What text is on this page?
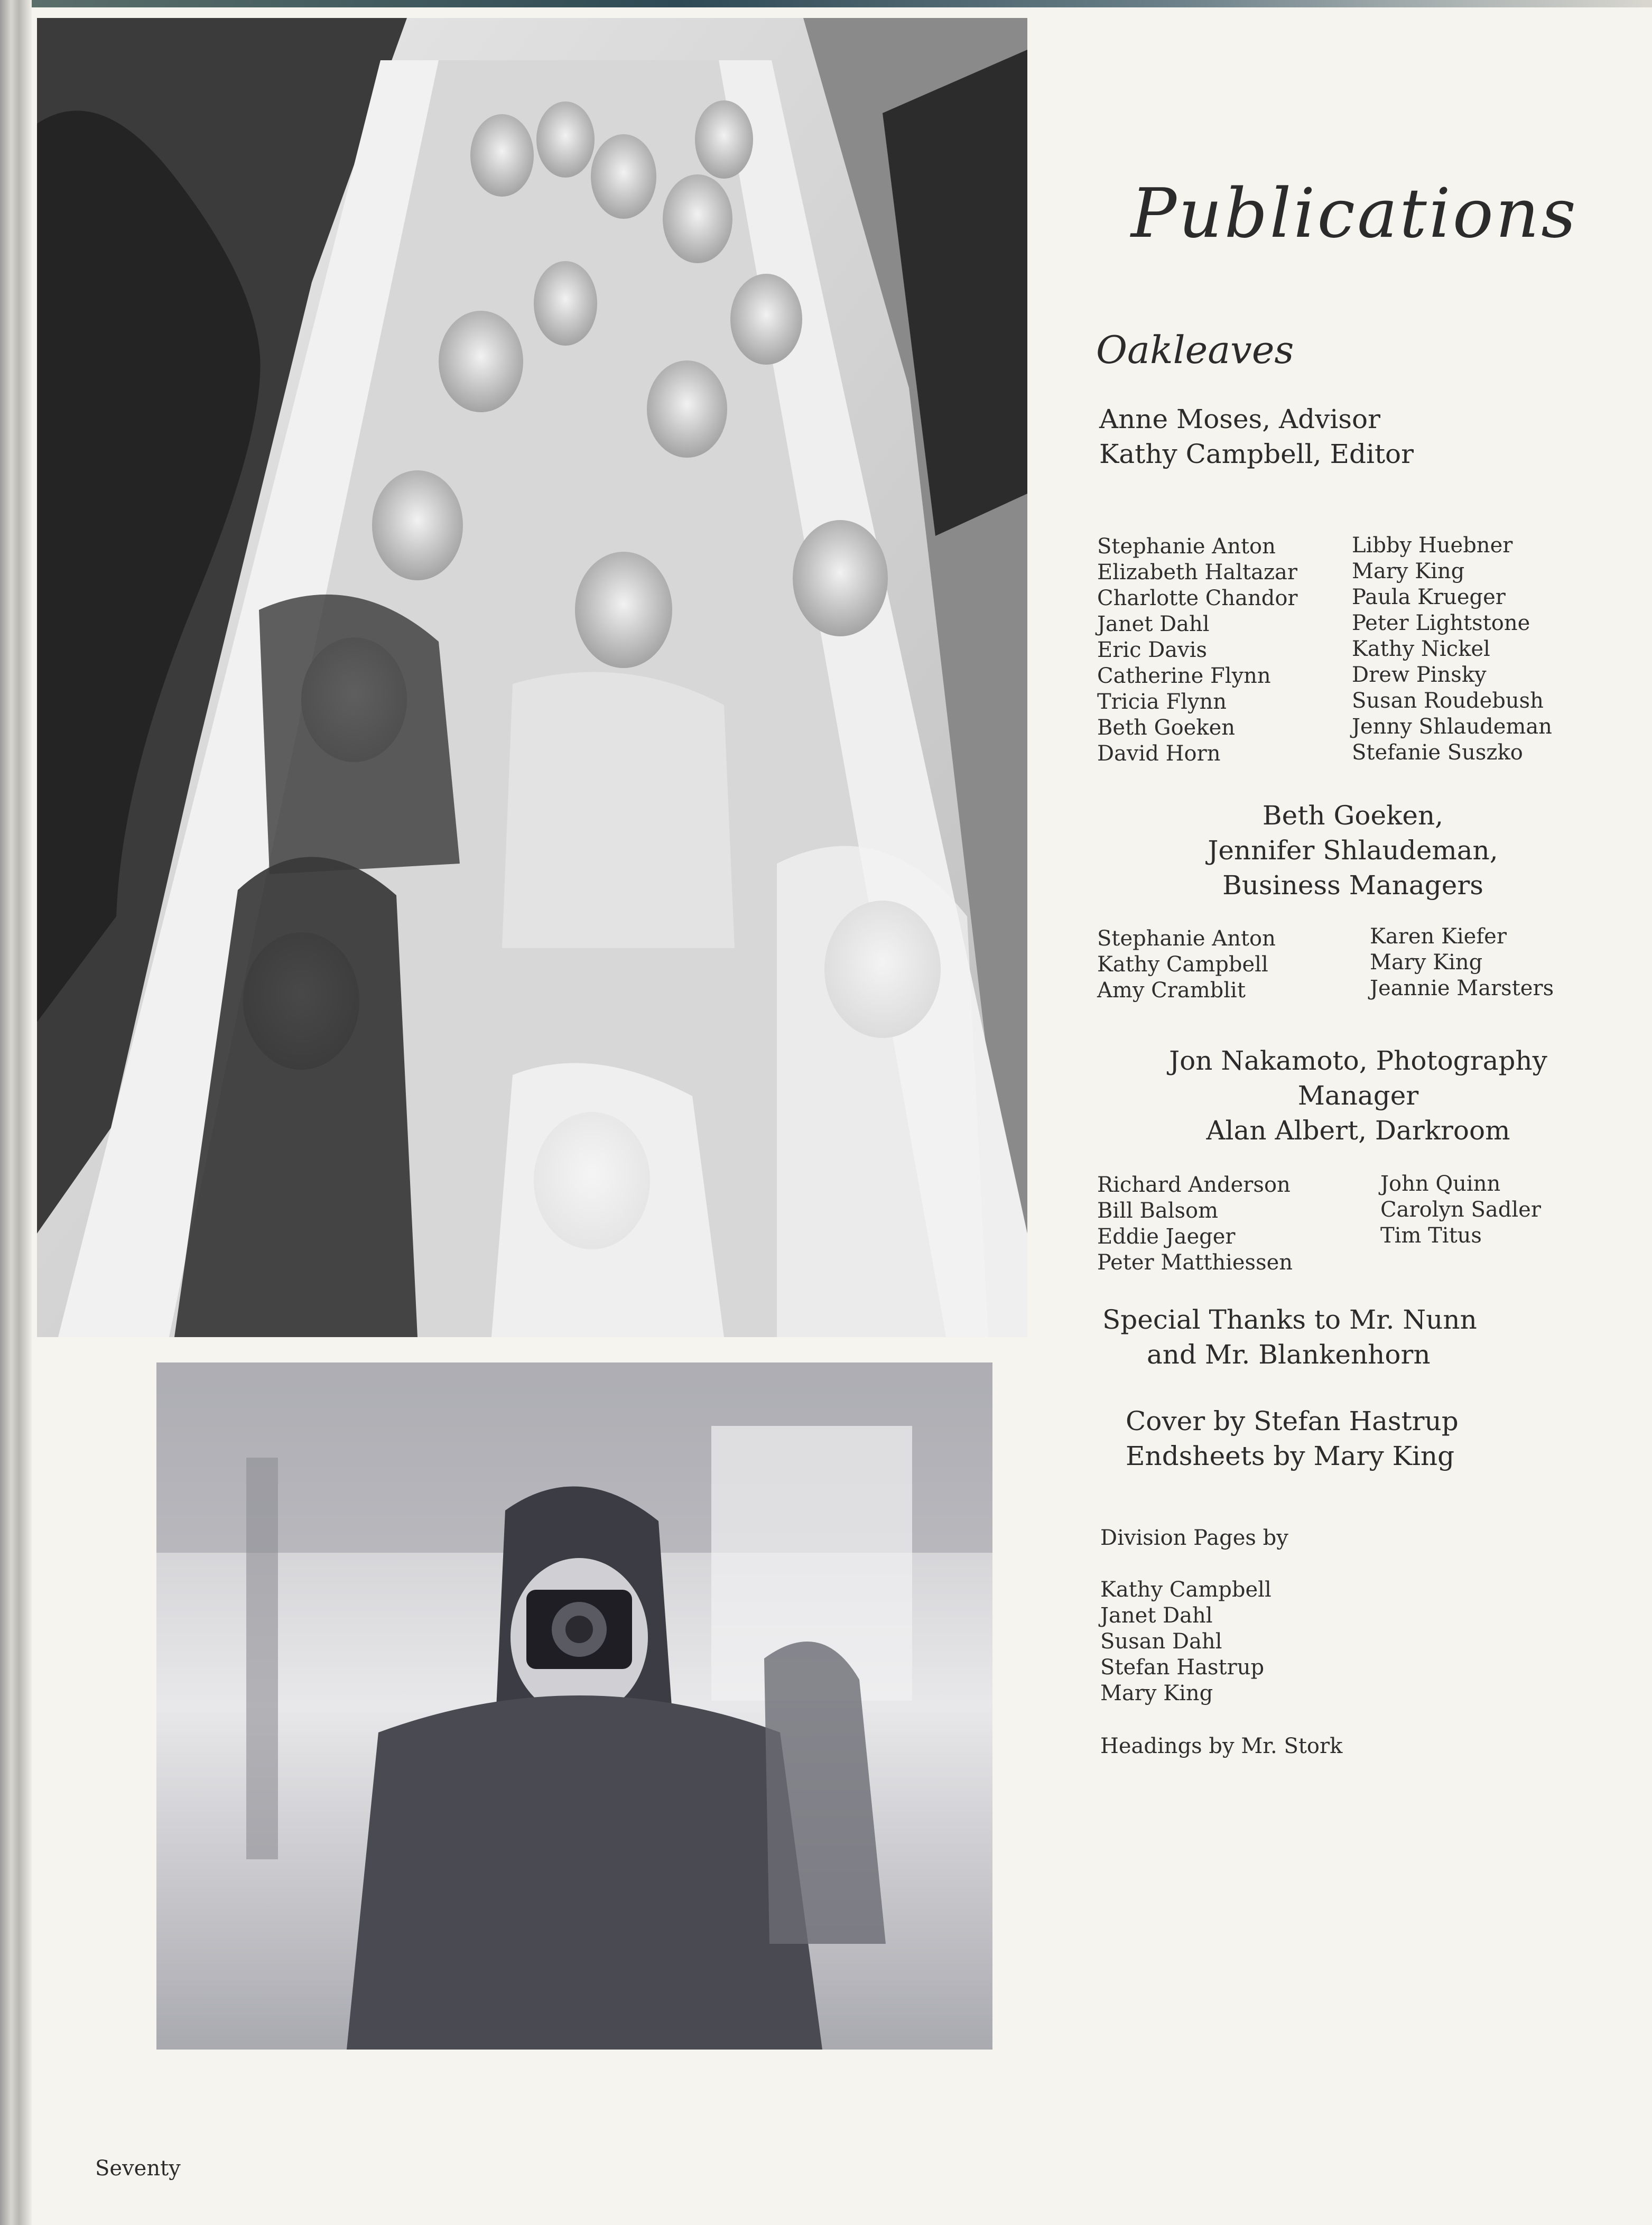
Publications
Oakleaves
Anne Moses, Advisor
Kathy Campbell, Editor
Stephanie Anton
Elizabeth Haltazar
Charlotte Chandor
Janet Dahl
Eric Davis
Catherine Flynn
Tricia Flynn
Beth Goeken
David Horn
Libby Huebner
Mary King
Paula Krueger
Peter Lightstone
Kathy Nickel
Drew Pinsky
Susan Roudebush
Jenny Shlaudeman
Stefanie Suszko
Beth Goeken,
Jennifer Shlaudeman,
Business Managers
Stephanie Anton
Kathy Campbell
Amy Cramblit
Karen Kiefer
Mary King
Jeannie Marsters
Jon Nakamoto, Photography
Manager
Alan Albert, Darkroom
Richard Anderson
Bill Balsom
Eddie Jaeger
Peter Matthiessen
John Quinn
Carolyn Sadler
Tim Titus
Special Thanks to Mr. Nunn
and Mr. Blankenhorn
Cover by Stefan Hastrup
Endsheets by Mary King
Division Pages by
Kathy Campbell
Janet Dahl
Susan Dahl
Stefan Hastrup
Mary King
Headings by Mr. Stork
Seventy
